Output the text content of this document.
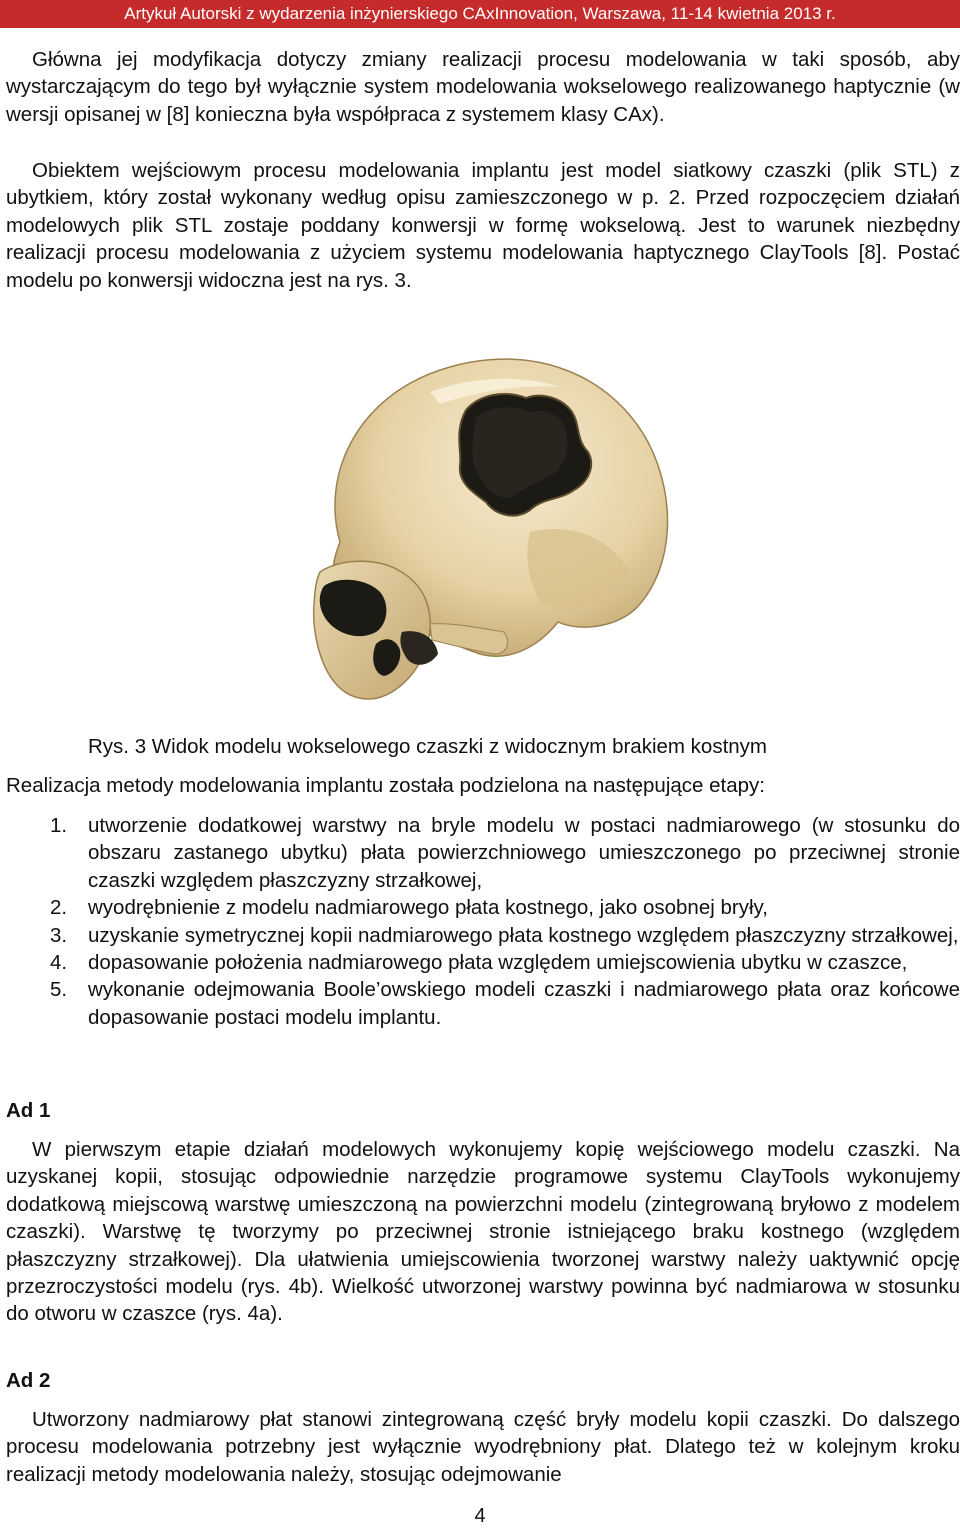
Artykuł Autorski z wydarzenia inżynierskiego CAxInnovation, Warszawa, 11-14 kwietnia 2013 r.

Główna jej modyfikacja dotyczy zmiany realizacji procesu modelowania w taki sposób, aby wystarczającym do tego był wyłącznie system modelowania wokselowego realizowanego haptycznie (w wersji opisanej w [8] konieczna była współpraca z systemem klasy CAx).

Obiektem wejściowym procesu modelowania implantu jest model siatkowy czaszki (plik STL) z ubytkiem, który został wykonany według opisu zamieszczonego w p. 2. Przed rozpoczęciem działań modelowych plik STL zostaje poddany konwersji w formę wokselową. Jest to warunek niezbędny realizacji procesu modelowania z użyciem systemu modelowania haptycznego ClayTools [8]. Postać modelu po konwersji widoczna jest na rys. 3.

Rys. 3 Widok modelu wokselowego czaszki z widocznym brakiem kostnym

Realizacja metody modelowania implantu została podzielona na następujące etapy:

1.	utworzenie dodatkowej warstwy na bryle modelu w postaci nadmiarowego (w stosunku do obszaru zastanego ubytku) płata powierzchniowego umieszczonego po przeciwnej stronie czaszki względem płaszczyzny strzałkowej,
2.	wyodrębnienie z modelu nadmiarowego płata kostnego, jako osobnej bryły,
3.	uzyskanie symetrycznej kopii nadmiarowego płata kostnego względem płaszczyzny strzałkowej,
4.	dopasowanie położenia nadmiarowego płata względem umiejscowienia ubytku w czaszce,
5.	wykonanie odejmowania Boole’owskiego modeli czaszki i nadmiarowego płata oraz końcowe dopasowanie postaci modelu implantu.

Ad 1

W pierwszym etapie działań modelowych wykonujemy kopię wejściowego modelu czaszki. Na uzyskanej kopii, stosując odpowiednie narzędzie programowe systemu ClayTools wykonujemy dodatkową miejscową warstwę umieszczoną na powierzchni modelu (zintegrowaną bryłowo z modelem czaszki). Warstwę tę tworzymy po przeciwnej stronie istniejącego braku kostnego (względem płaszczyzny strzałkowej). Dla ułatwienia umiejscowienia tworzonej warstwy należy uaktywnić opcję przezroczystości modelu (rys. 4b). Wielkość utworzonej warstwy powinna być nadmiarowa w stosunku do otworu w czaszce (rys. 4a).

Ad 2

Utworzony nadmiarowy płat stanowi zintegrowaną część bryły modelu kopii czaszki. Do dalszego procesu modelowania potrzebny jest wyłącznie wyodrębniony płat. Dlatego też w kolejnym kroku realizacji metody modelowania należy, stosując odejmowanie

4
